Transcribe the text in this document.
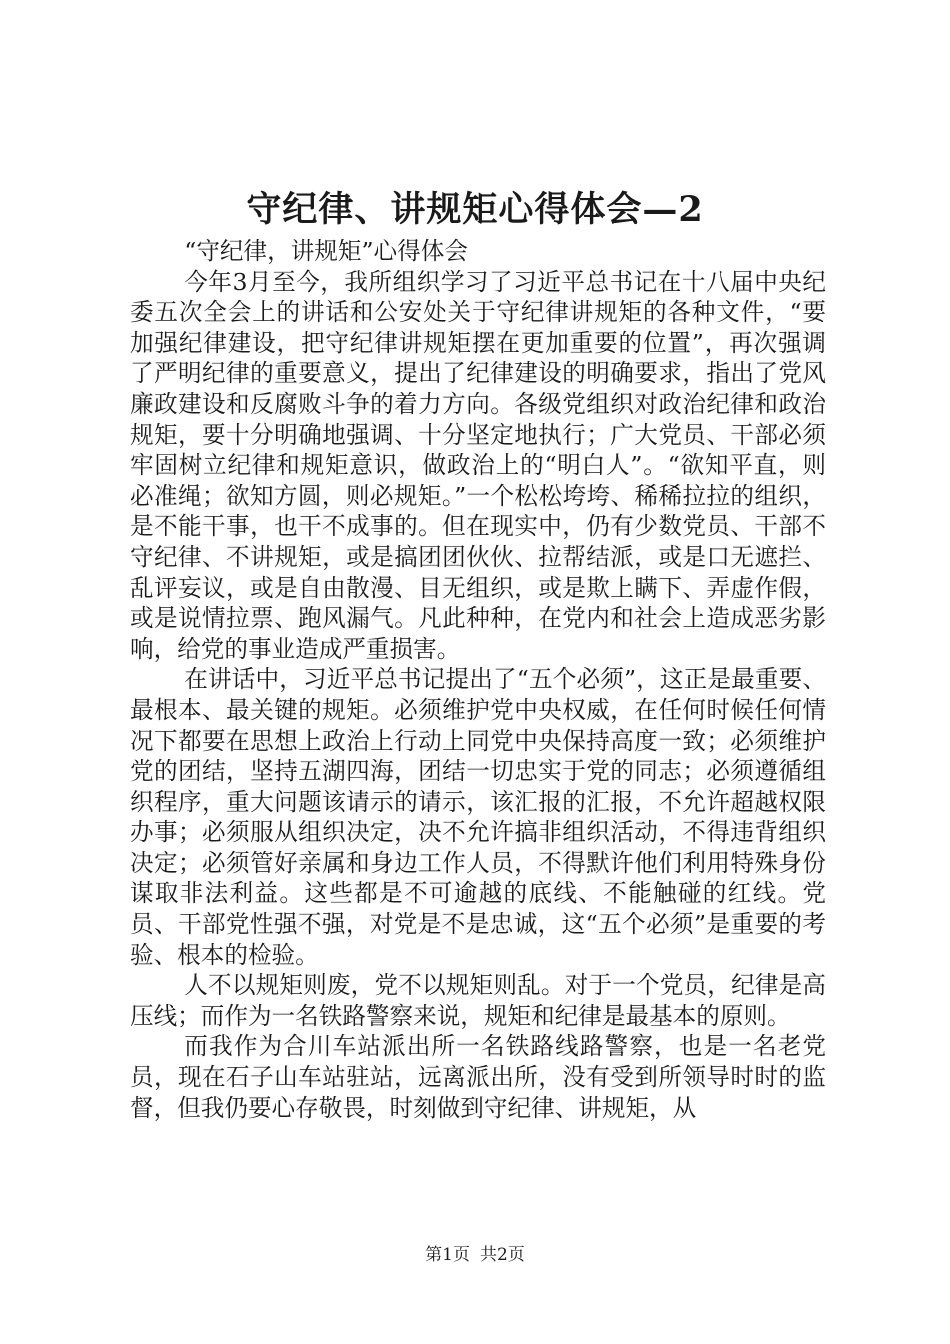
守纪律、讲规矩心得体会—2

“守纪律，讲规矩”心得体会

今年3月至今，我所组织学习了习近平总书记在十八届中央纪委五次全会上的讲话和公安处关于守纪律讲规矩的各种文件，“要加强纪律建设，把守纪律讲规矩摆在更加重要的位置”，再次强调了严明纪律的重要意义，提出了纪律建设的明确要求，指出了党风廉政建设和反腐败斗争的着力方向。各级党组织对政治纪律和政治规矩，要十分明确地强调、十分坚定地执行；广大党员、干部必须牢固树立纪律和规矩意识，做政治上的“明白人”。“欲知平直，则必准绳；欲知方圆，则必规矩。”一个松松垮垮、稀稀拉拉的组织，是不能干事，也干不成事的。但在现实中，仍有少数党员、干部不守纪律、不讲规矩，或是搞团团伙伙、拉帮结派，或是口无遮拦、乱评妄议，或是自由散漫、目无组织，或是欺上瞒下、弄虚作假，或是说情拉票、跑风漏气。凡此种种，在党内和社会上造成恶劣影响，给党的事业造成严重损害。

在讲话中，习近平总书记提出了“五个必须”，这正是最重要、最根本、最关键的规矩。必须维护党中央权威，在任何时候任何情况下都要在思想上政治上行动上同党中央保持高度一致；必须维护党的团结，坚持五湖四海，团结一切忠实于党的同志；必须遵循组织程序，重大问题该请示的请示，该汇报的汇报，不允许超越权限办事；必须服从组织决定，决不允许搞非组织活动，不得违背组织决定；必须管好亲属和身边工作人员，不得默许他们利用特殊身份谋取非法利益。这些都是不可逾越的底线、不能触碰的红线。党员、干部党性强不强，对党是不是忠诚，这“五个必须”是重要的考验、根本的检验。

人不以规矩则废，党不以规矩则乱。对于一个党员，纪律是高压线；而作为一名铁路警察来说，规矩和纪律是最基本的原则。

而我作为合川车站派出所一名铁路线路警察，也是一名老党员，现在石子山车站驻站，远离派出所，没有受到所领导时时的监督，但我仍要心存敬畏，时刻做到守纪律、讲规矩，从

第1页 共2页
